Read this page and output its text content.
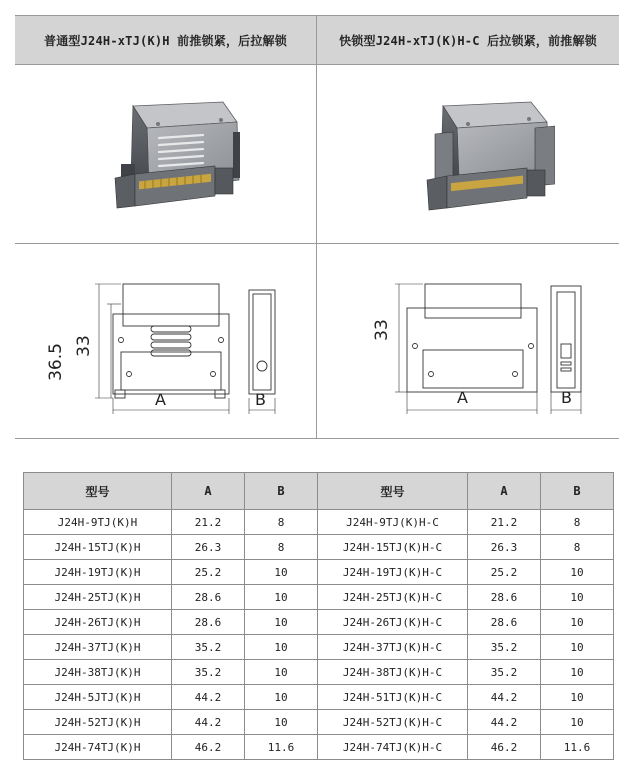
普通型J24H-xTJ(K)H 前推锁紧，后拉解锁	快锁型J24H-xTJ(K)H-C 后拉锁紧，前推解锁
36.5 33
A	B
33
A	B
型号	A	B	型号	A	B
J24H-9TJ(K)H	21.2	8	J24H-9TJ(K)H-C	21.2	8
J24H-15TJ(K)H	26.3	8	J24H-15TJ(K)H-C	26.3	8
J24H-19TJ(K)H	25.2	10	J24H-19TJ(K)H-C	25.2	10
J24H-25TJ(K)H	28.6	10	J24H-25TJ(K)H-C	28.6	10
J24H-26TJ(K)H	28.6	10	J24H-26TJ(K)H-C	28.6	10
J24H-37TJ(K)H	35.2	10	J24H-37TJ(K)H-C	35.2	10
J24H-38TJ(K)H	35.2	10	J24H-38TJ(K)H-C	35.2	10
J24H-5JTJ(K)H	44.2	10	J24H-51TJ(K)H-C	44.2	10
J24H-52TJ(K)H	44.2	10	J24H-52TJ(K)H-C	44.2	10
J24H-74TJ(K)H	46.2	11.6	J24H-74TJ(K)H-C	46.2	11.6
